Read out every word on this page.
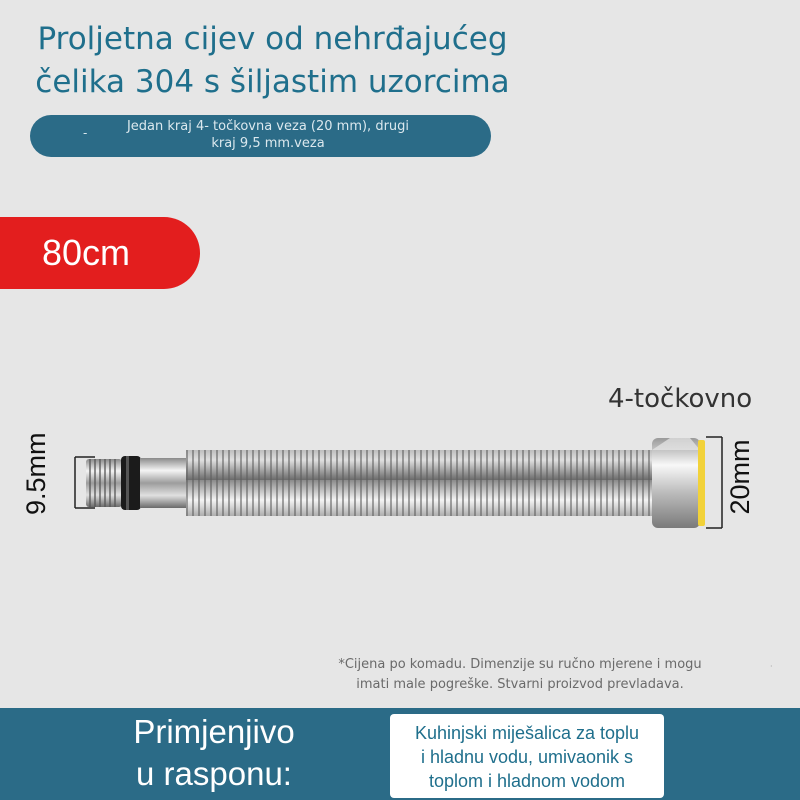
Proljetna cijev od nehrđajućeg
čelika 304 s šiljastim uzorcima
-	Jedan kraj 4- točkovna veza (20 mm), drugi
kraj 9,5 mm.veza
·
80cm
4-točkovno
9.5mm	20mm
*Cijena po komadu. Dimenzije su ručno mjerene i mogu
imati male pogreške. Stvarni proizvod prevladava.
·
Primjenjivo
u rasponu:
Kuhinjski miješalica za toplu
i hladnu vodu, umivaonik s
toplom i hladnom vodom
